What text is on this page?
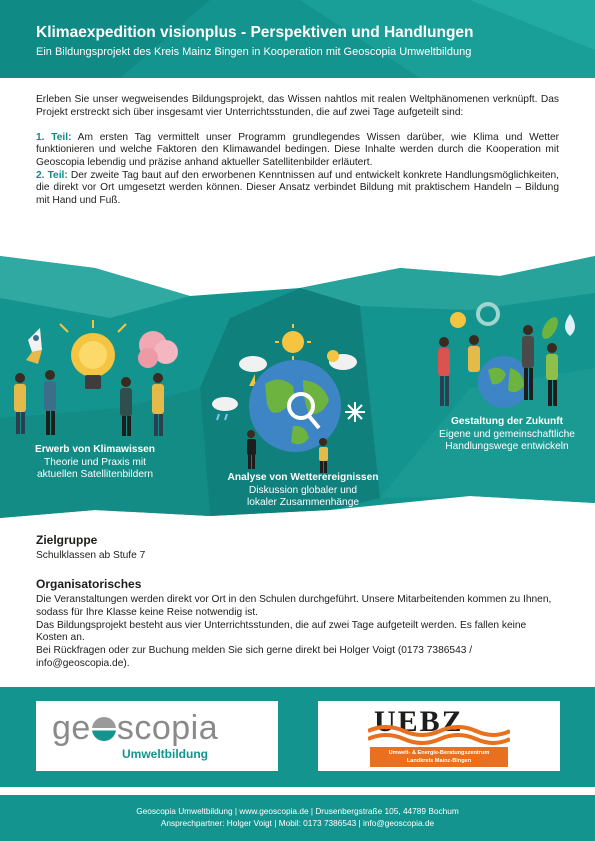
Klimaexpedition visionplus - Perspektiven und Handlungen
Ein Bildungsprojekt des Kreis Mainz Bingen in Kooperation mit Geoscopia Umweltbildung

Erleben Sie unser wegweisendes Bildungsprojekt, das Wissen nahtlos mit realen Weltphänomenen verknüpft. Das Projekt erstreckt sich über insgesamt vier Unterrichtsstunden, die auf zwei Tage aufgeteilt sind:

1. Teil: Am ersten Tag vermittelt unser Programm grundlegendes Wissen darüber, wie Klima und Wetter funktionieren und welche Faktoren den Klimawandel bedingen. Diese Inhalte werden durch die Kooperation mit Geoscopia lebendig und präzise anhand aktueller Satellitenbilder erläutert.

2. Teil: Der zweite Tag baut auf den erworbenen Kenntnissen auf und entwickelt konkrete Handlungsmöglichkeiten, die direkt vor Ort umgesetzt werden können. Dieser Ansatz verbindet Bildung mit praktischem Handeln – Bildung mit Hand und Fuß.

Erwerb von Klimawissen
Theorie und Praxis mit
aktuellen Satellitenbildern	Analyse von Wetterereignissen
Diskussion globaler und
lokaler Zusammenhänge
Gestaltung der Zukunft
Eigene und gemeinschaftliche
Handlungswege entwickeln
Zielgruppe
Schulklassen ab Stufe 7
Organisatorisches
Die Veranstaltungen werden direkt vor Ort in den Schulen durchgeführt. Unsere Mitarbeitenden kommen zu Ihnen, sodass für Ihre Klasse keine Reise notwendig ist.
Das Bildungsprojekt besteht aus vier Unterrichtsstunden, die auf zwei Tage aufgeteilt werden. Es fallen keine Kosten an.
Bei Rückfragen oder zur Buchung melden Sie sich gerne direkt bei Holger Voigt (0173 7386543 / info@geoscopia.de).
ge scopia
Umweltbildung
UEBZ
Umwelt- & Energie-Beratungszentrum
Landkreis Mainz-Bingen
Geoscopia Umweltbildung | www.geoscopia.de | Drusenbergstraße 105, 44789 Bochum
Ansprechpartner: Holger Voigt | Mobil: 0173 7386543 | info@geoscopia.de
